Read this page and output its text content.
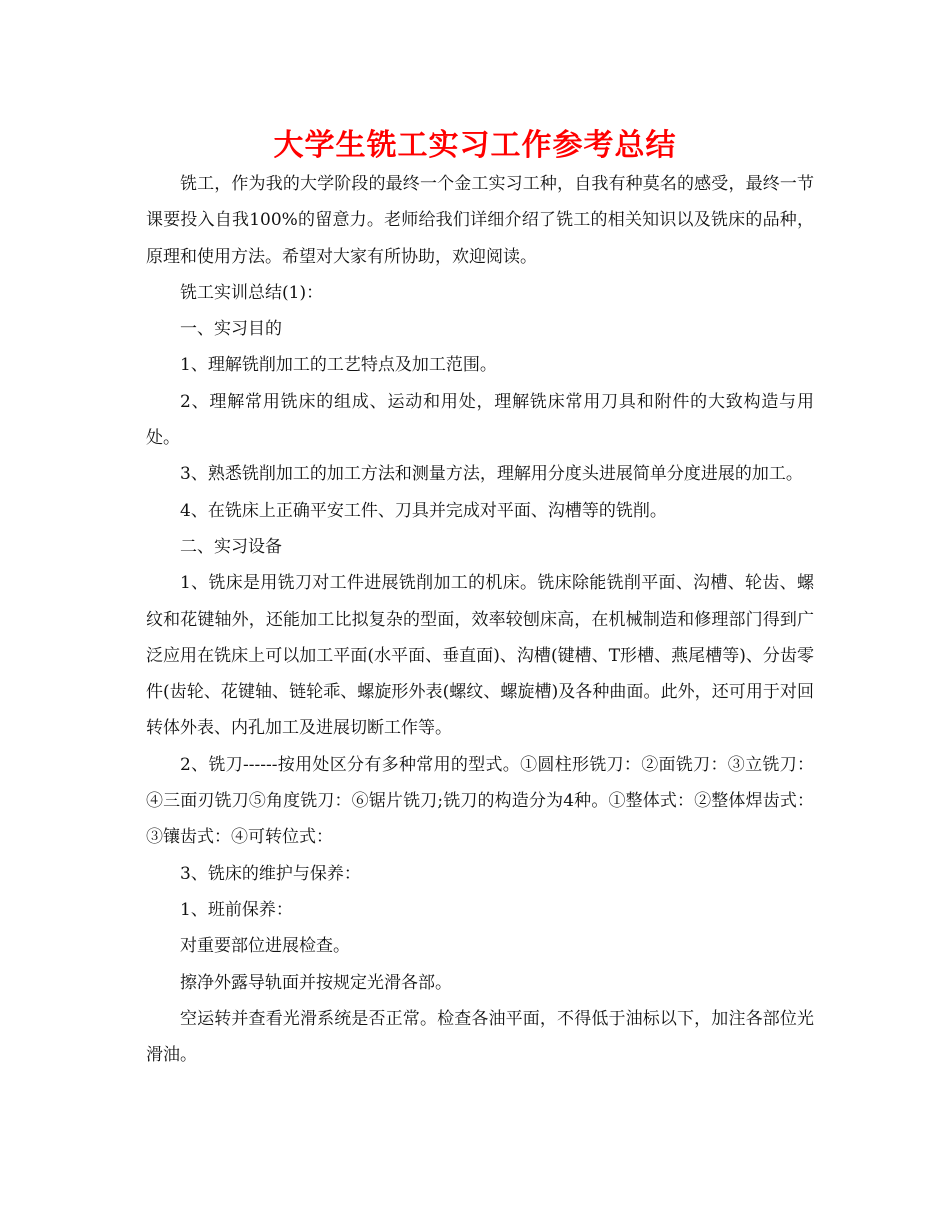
大学生铣工实习工作参考总结

铣工，作为我的大学阶段的最终一个金工实习工种，自我有种莫名的感受，最终一节课要投入自我100%的留意力。老师给我们详细介绍了铣工的相关知识以及铣床的品种，原理和使用方法。希望对大家有所协助，欢迎阅读。

铣工实训总结(1)：

一、实习目的

1、理解铣削加工的工艺特点及加工范围。

2、理解常用铣床的组成、运动和用处，理解铣床常用刀具和附件的大致构造与用处。

3、熟悉铣削加工的加工方法和测量方法，理解用分度头进展简单分度进展的加工。

4、在铣床上正确平安工件、刀具并完成对平面、沟槽等的铣削。

二、实习设备

1、铣床是用铣刀对工件进展铣削加工的机床。铣床除能铣削平面、沟槽、轮齿、螺纹和花键轴外，还能加工比拟复杂的型面，效率较刨床高，在机械制造和修理部门得到广泛应用在铣床上可以加工平面(水平面、垂直面)、沟槽(键槽、T形槽、燕尾槽等)、分齿零件(齿轮、花键轴、链轮乖、螺旋形外表(螺纹、螺旋槽)及各种曲面。此外，还可用于对回转体外表、内孔加工及进展切断工作等。

2、铣刀------按用处区分有多种常用的型式。①圆柱形铣刀：②面铣刀：③立铣刀：④三面刃铣刀⑤角度铣刀：⑥锯片铣刀;铣刀的构造分为4种。①整体式：②整体焊齿式：③镶齿式：④可转位式：

3、铣床的维护与保养：

1、班前保养：

对重要部位进展检查。

擦净外露导轨面并按规定光滑各部。

空运转并查看光滑系统是否正常。检查各油平面，不得低于油标以下，加注各部位光滑油。
